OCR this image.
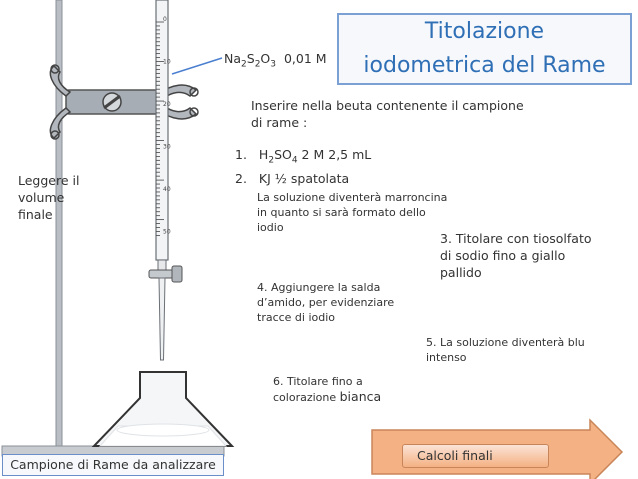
0
10
20
30
40
50
Titolazione
iodometrica del Rame
$Na_2S_2O_3$ 0,01 M
Inserire nella beuta contenente il campione
di rame :
1. $H_2SO_4$ 2 M 2,5 mL
2. KJ ½ spatolata
La soluzione diventerà marroncina
in quanto si sarà formato dello
iodio
3. Titolare con tiosolfato
di sodio fino a giallo
pallido
4. Aggiungere la salda
d’amido, per evidenziare
tracce di iodio
5. La soluzione diventerà blu
intenso
6. Titolare fino a
colorazione bianca
Leggere il
volume
finale
Campione di Rame da analizzare
Calcoli finali
